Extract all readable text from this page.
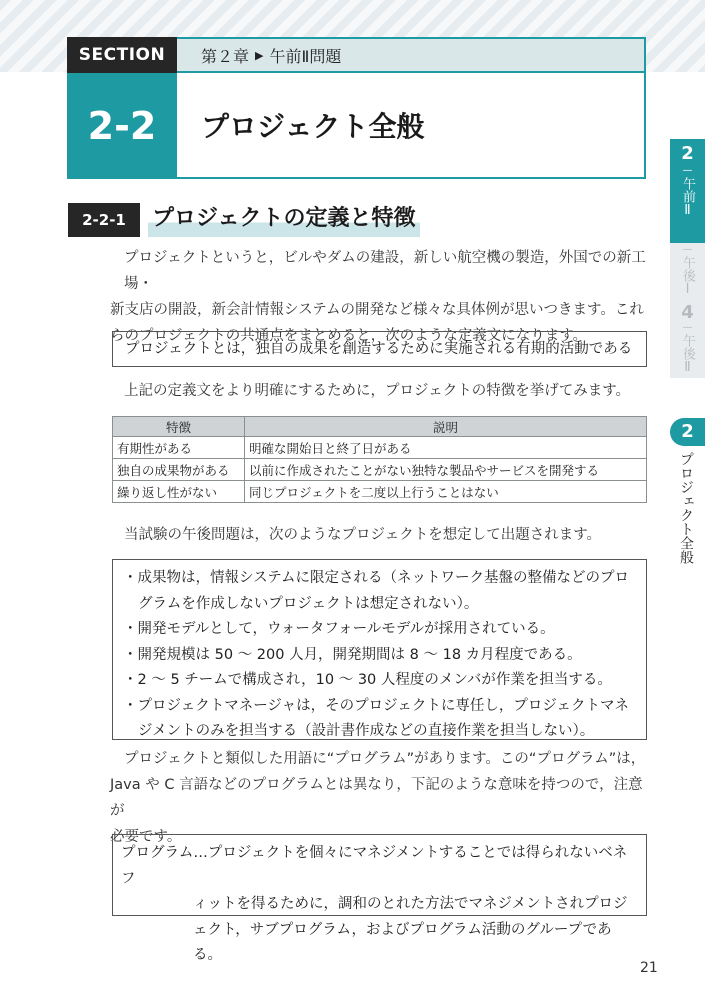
SECTION	第２章 ▶ 午前Ⅱ問題
2-2	プロジェクト全般
—
午後Ⅰ
4
—
午後Ⅱ
2
—
午前Ⅱ
2
プロジェクト全般
2-2-1	プロジェクトの定義と特徴
プロジェクトというと，ビルやダムの建設，新しい航空機の製造，外国での新工場・
新支店の開設，新会計情報システムの開発など様々な具体例が思いつきます。これ
らのプロジェクトの共通点をまとめると，次のような定義文になります。
プロジェクトとは，独自の成果を創造するために実施される有期的活動である
上記の定義文をより明確にするために，プロジェクトの特徴を挙げてみます。
特徴	説明
有期性がある	明確な開始日と終了日がある
独自の成果物がある	以前に作成されたことがない独特な製品やサービスを開発する
繰り返し性がない	同じプロジェクトを二度以上行うことはない
当試験の午後問題は，次のようなプロジェクトを想定して出題されます。
・成果物は，情報システムに限定される（ネットワーク基盤の整備などのプログラムを作成しないプロジェクトは想定されない）。
・開発モデルとして，ウォータフォールモデルが採用されている。
・開発規模は 50 ～ 200 人月，開発期間は 8 ～ 18 カ月程度である。
・2 ～ 5 チームで構成され，10 ～ 30 人程度のメンバが作業を担当する。
・プロジェクトマネージャは，そのプロジェクトに専任し，プロジェクトマネジメントのみを担当する（設計書作成などの直接作業を担当しない）。
プロジェクトと類似した用語に“プログラム”があります。この“プログラム”は，
Java や C 言語などのプログラムとは異なり，下記のような意味を持つので，注意が
必要です。
プログラム…プロジェクトを個々にマネジメントすることでは得られないベネフ
ィットを得るために，調和のとれた方法でマネジメントされプロジ
ェクト，サブプログラム，およびプログラム活動のグループである。
21
